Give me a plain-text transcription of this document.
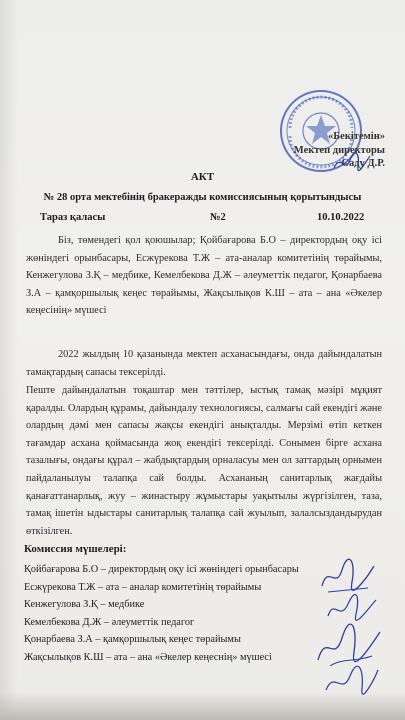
«Бекітемін»
Мектеп директоры
Саду Д.Р.
АКТ
№ 28 орта мектебінің бракеражды комиссиясының қорытындысы
Тараз қаласы	№2	10.10.2022
Біз, төмендегі қол қоюшылар; Қойбағарова Б.О – директордың оқу ісі жөніндегі орынбасары, Есжүрекова Т.Ж – ата-аналар комитетінің төрайымы, Кенжегулова З.Қ – медбике, Кемелбекова Д.Ж – әлеуметтік педагог, Қонарбаева З.А – қамқоршылық кеңес төрайымы, Жақсылықов К.Ш – ата – ана «Әкелер кеңесінің» мүшесі
2022 жылдың 10 қазанында мектеп асханасындағы, онда дайындалатын тамақтардың сапасы тексерілді.
Пеште дайындалатын тоқаштар мен тәттілер, ыстық тамақ мәзірі мұқият қаралды. Олардың құрамы, дайындалу технологиясы, салмағы сай екендігі және олардың дәмі мен сапасы жақсы екендігі анықталды. Мерзімі өтіп кеткен тағамдар асхана қоймасында жоқ екендігі тексерілді. Сонымен бірге асхана тазалығы, ондағы құрал – жабдықтардың орналасуы мен ол заттардың орнымен пайдаланылуы талапқа сай болды. Асхананың санитарлық жағдайы қанағаттанарлық, жуу – жинастыру жұмыстары уақытылы жүргізілген, таза, тамақ ішетін ыдыстары санитарлық талапқа сай жуылып, залалсыздандырудан өткізілген.
Комиссия мүшелері:
Қойбағарова Б.О – директордың оқу ісі жөніндегі орынбасары
Есжүрекова Т.Ж – ата – аналар комитетінің төрайымы
Кенжегулова З.Қ – медбике
Кемелбекова Д.Ж – әлеуметтік педагог
Қонарбаева З.А – қамқоршылық кеңес төрайымы
Жақсылықов К.Ш – ата – ана «Әкелер кеңеснің» мүшесі
